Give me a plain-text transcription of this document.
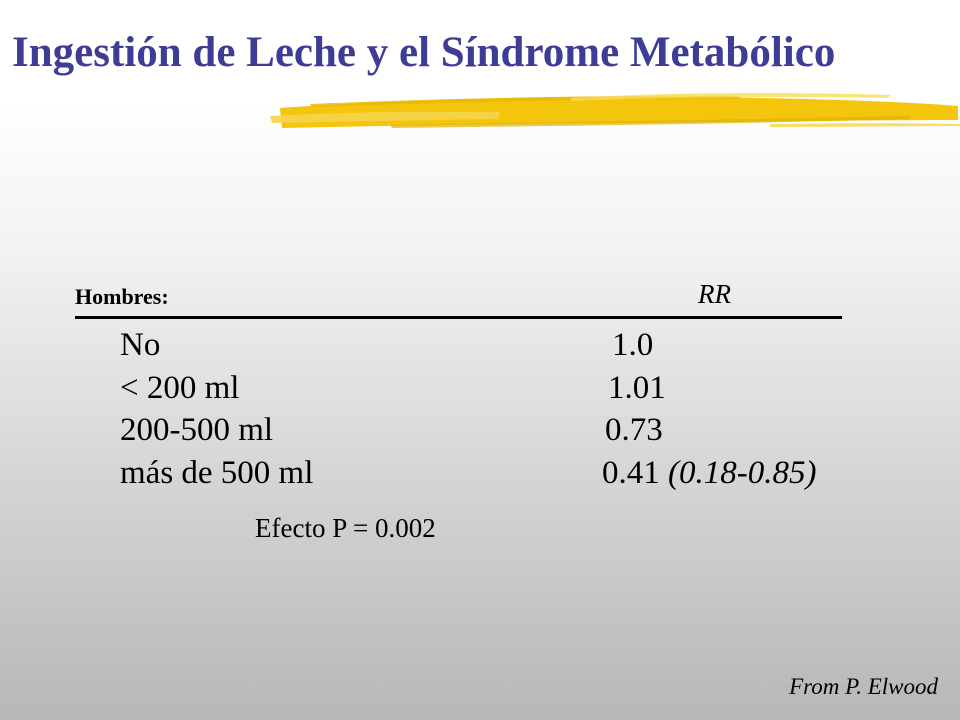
Ingestión de Leche y el Síndrome Metabólico
Hombres:	RR
No	1.0
< 200 ml	1.01
200-500 ml	0.73
más de 500 ml	0.41 (0.18-0.85)
Efecto P = 0.002
From P. Elwood
